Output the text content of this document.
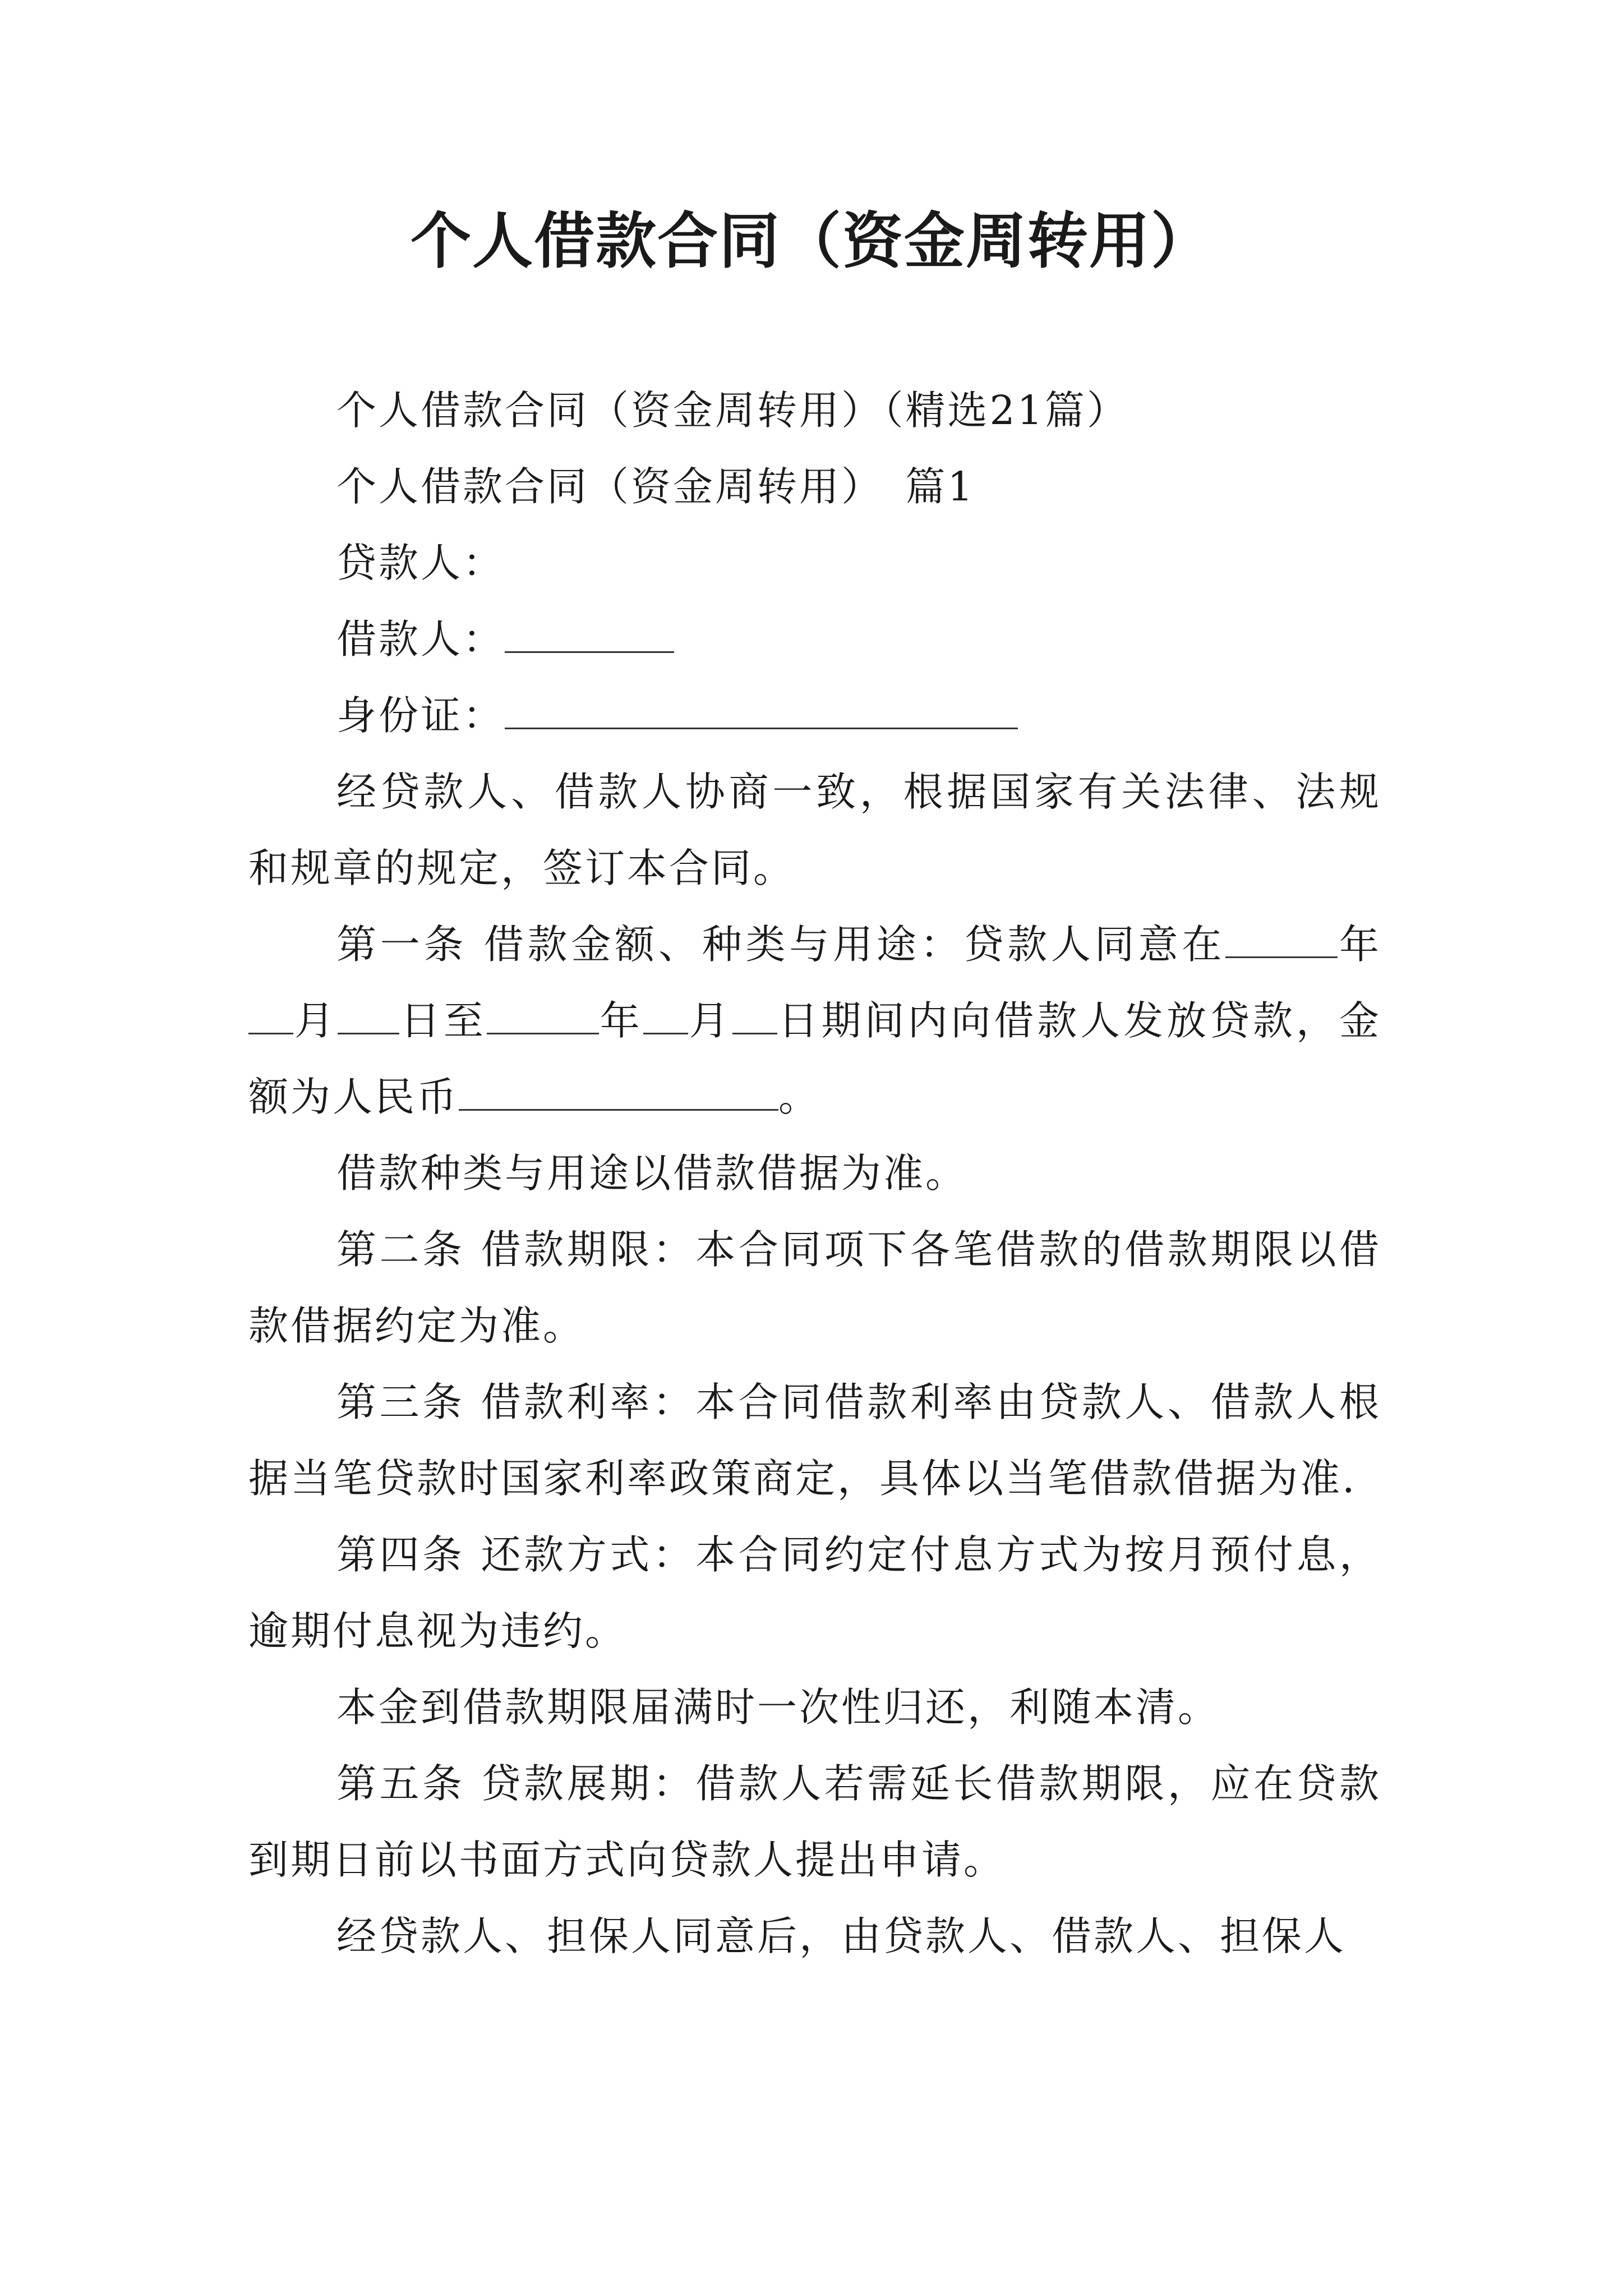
个人借款合同（资金周转用）

个人借款合同（资金周转用）（精选21篇）

个人借款合同（资金周转用）　篇1

贷款人：

借款人：

身份证：

经贷款人、借款人协商一致，根据国家有关法律、法规和规章的规定，签订本合同。

第一条 借款金额、种类与用途：贷款人同意在	年月 日至	年 月 日期间内向借款人发放贷款，金额为人民币	。

借款种类与用途以借款借据为准。

第二条 借款期限：本合同项下各笔借款的借款期限以借款借据约定为准。

第三条 借款利率：本合同借款利率由贷款人、借款人根据当笔贷款时国家利率政策商定，具体以当笔借款借据为准.

第四条 还款方式：本合同约定付息方式为按月预付息，逾期付息视为违约。

本金到借款期限届满时一次性归还，利随本清。

第五条 贷款展期：借款人若需延长借款期限，应在贷款到期日前以书面方式向贷款人提出申请。

经贷款人、担保人同意后，由贷款人、借款人、担保人
